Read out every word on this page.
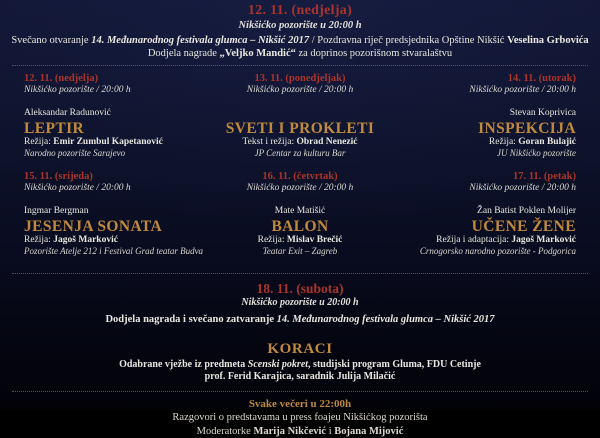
12. 11. (nedjelja)
Nikšićko pozorište u 20:00 h
Svečano otvaranje 14. Međunarodnog festivala glumca – Nikšić 2017 / Pozdravna riječ predsjednika Opštine Nikšić Veselina Grbovića
Dodjela nagrade „Veljko Mandić“ za doprinos pozorišnom stvaralaštvu
12. 11. (nedjelja)
Nikšićko pozorište / 20:00 h
Aleksandar Radunović
LEPTIR
Režija: Emir Zumbul Kapetanović
Narodno pozorište Sarajevo
13. 11. (ponedjeljak)
Nikšićko pozorište / 20:00 h
SVETI I PROKLETI
Tekst i režija: Obrad Nenezić
JP Centar za kulturu Bar
14. 11. (utorak)
Nikšićko pozorište / 20:00 h
Stevan Koprivica
INSPEKCIJA
Režija: Goran Bulajić
JU Nikšićko pozorište
15. 11. (srijeda)
Nikšićko pozorište / 20:00 h
Ingmar Bergman
JESENJA SONATA
Režija: Jagoš Marković
Pozorište Atelje 212 i Festival Grad teatar Budva
16. 11. (četvrtak)
Nikšićko pozorište / 20:00 h
Mate Matišić
BALON
Režija: Mislav Brečić
Teatar Exit – Zagreb
17. 11. (petak)
Nikšićko pozorište / 20:00 h
Žan Batist Poklen Molijer
UČENE ŽENE
Režija i adaptacija: Jagoš Marković
Crnogorsko narodno pozorište - Podgorica
18. 11. (subota)
Nikšićko pozorište u 20:00 h
Dodjela nagrada i svečano zatvaranje 14. Međunarodnog festivala glumca – Nikšić 2017
KORACI
Odabrane vježbe iz predmeta Scenski pokret, studijski program Gluma, FDU Cetinje
prof. Ferid Karajica, saradnik Julija Milačić
Svake večeri u 22:00h
Razgovori o predstavama u press foajeu Nikšićkog pozorišta
Moderatorke Marija Nikčević i Bojana Mijović
